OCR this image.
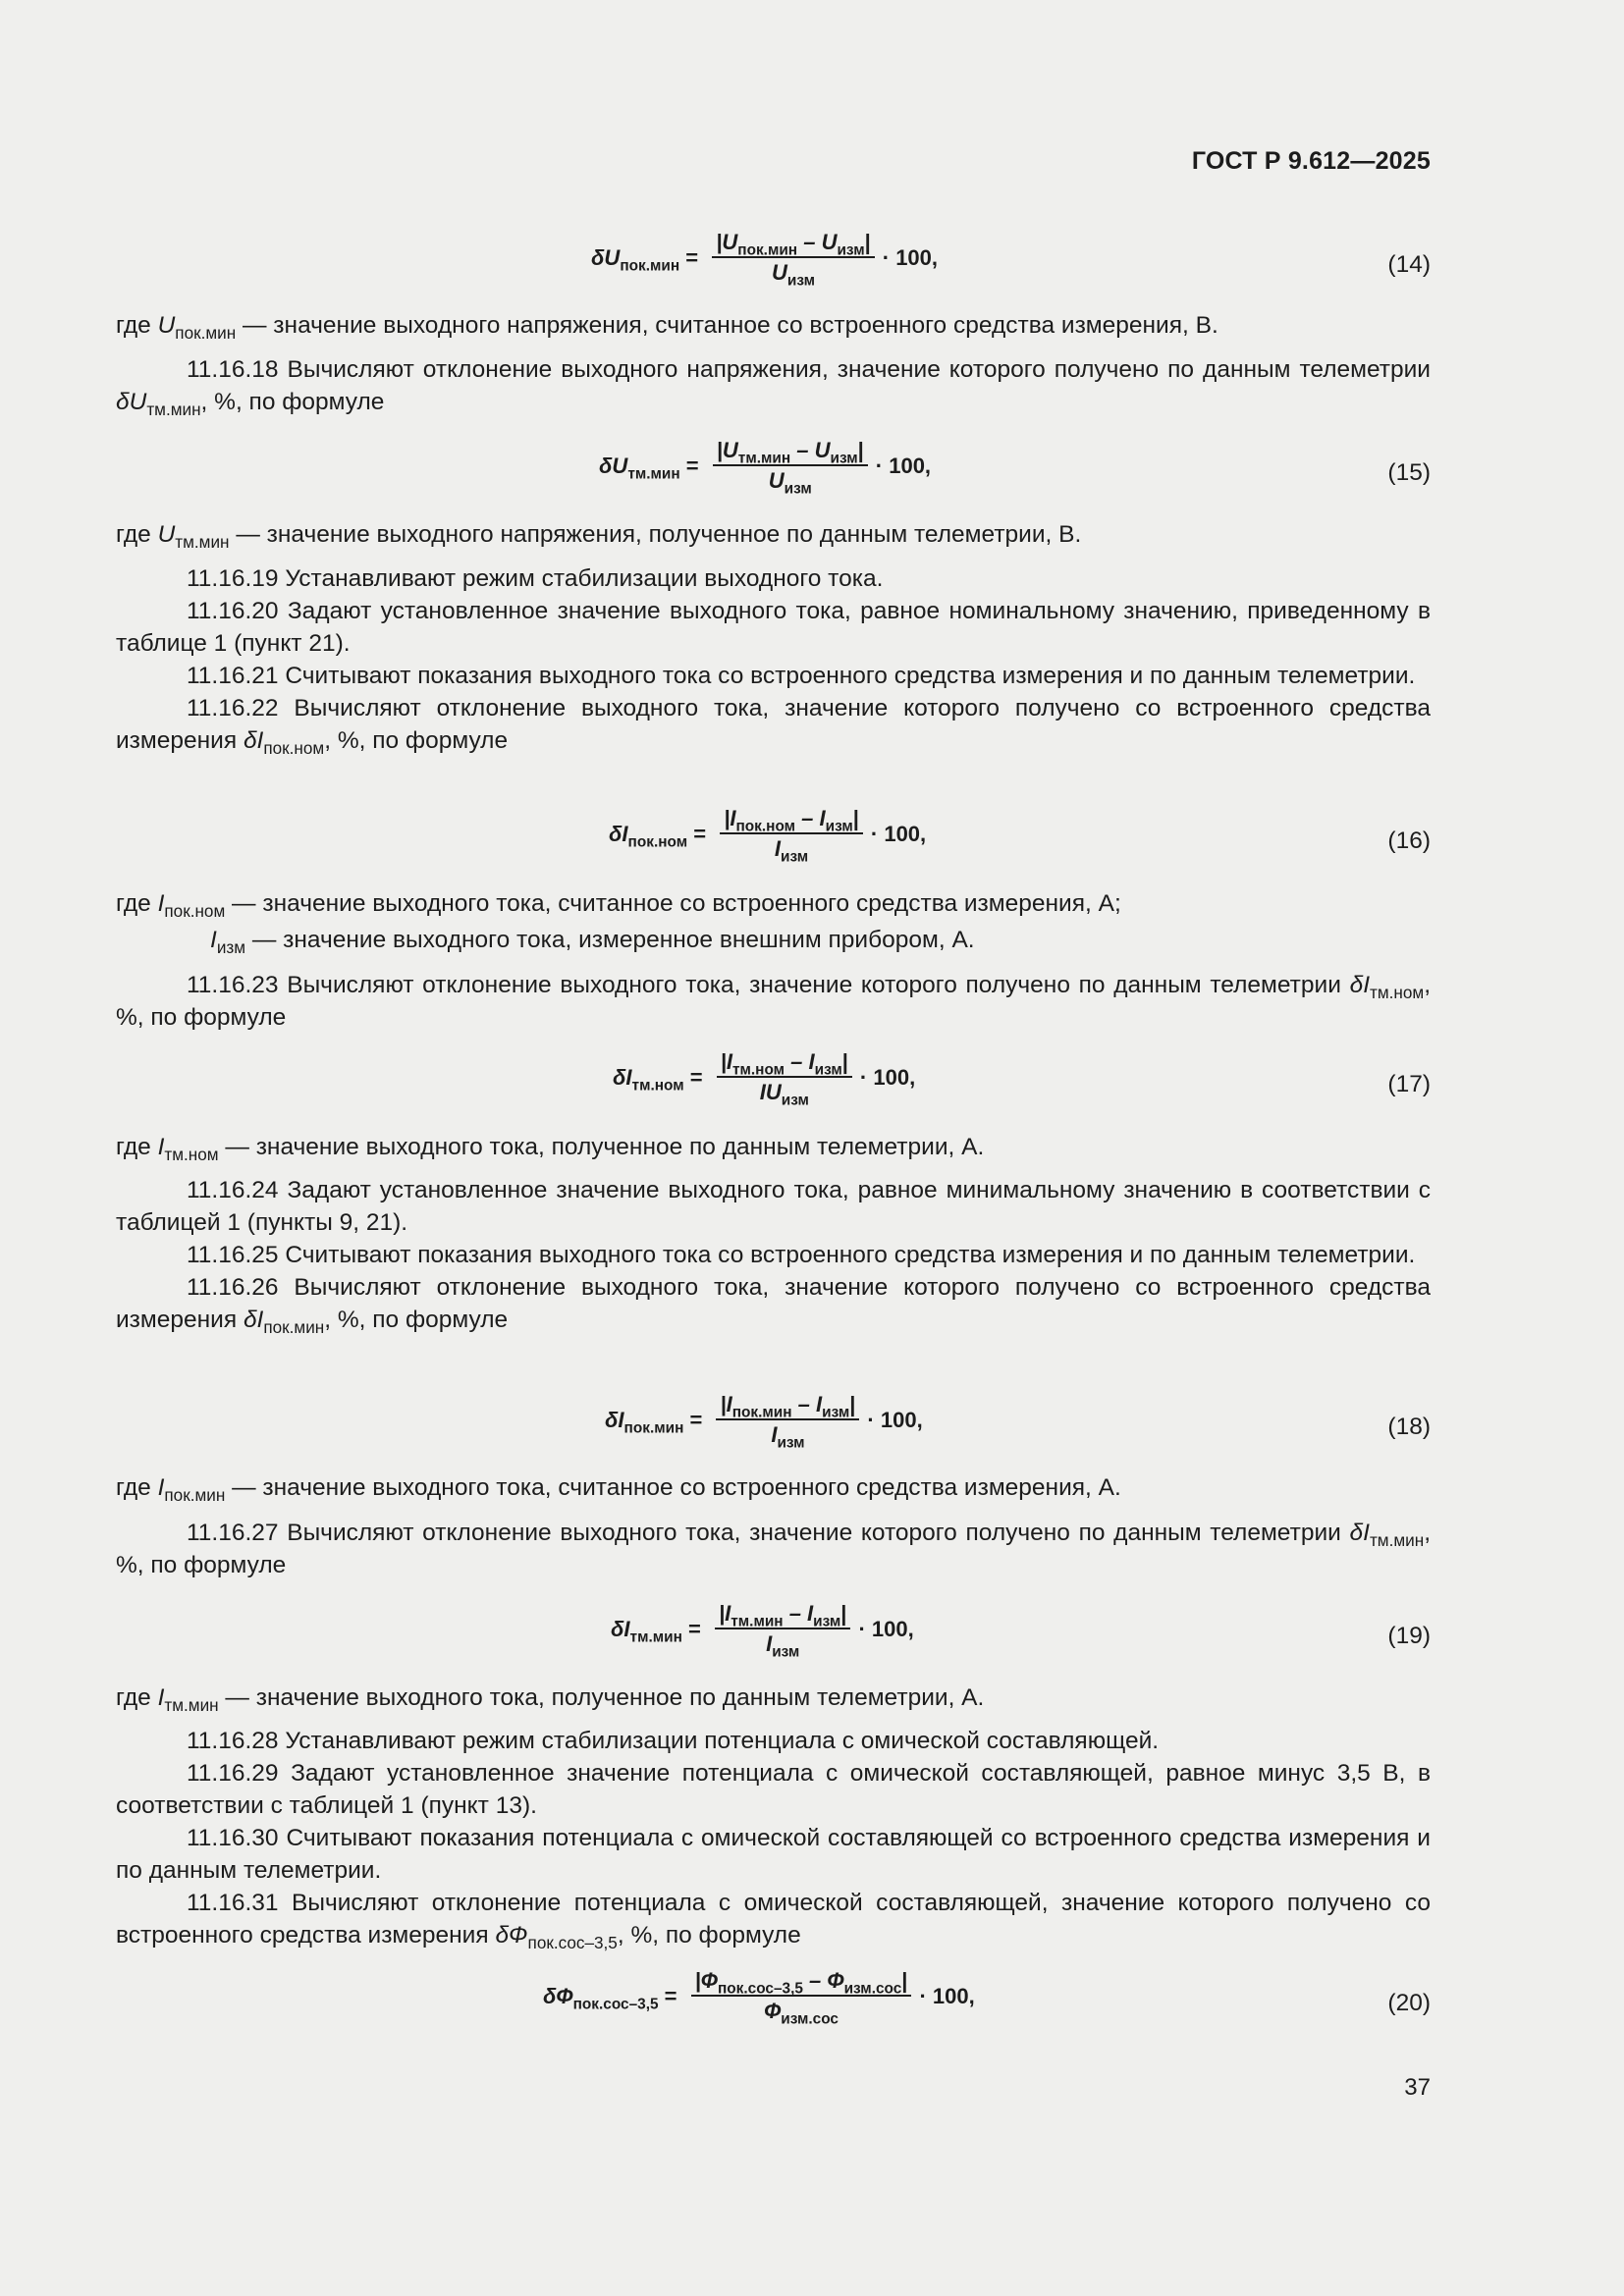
ГОСТ Р 9.612—2025
$\delta U_{пок.мин} = \frac{|U_{пок.мин} - U_{изм}|}{U_{изм}} \cdot 100$,	(14)
где $U_{пок.мин}$ — значение выходного напряжения, считанное со встроенного средства измерения, В.

11.16.18 Вычисляют отклонение выходного напряжения, значение которого получено по данным телеметрии $\delta U_{тм.мин}$, %, по формуле

$\delta U_{тм.мин} = \frac{|U_{тм.мин} - U_{изм}|}{U_{изм}} \cdot 100$,	(15)
где $U_{тм.мин}$ — значение выходного напряжения, полученное по данным телеметрии, В.

11.16.19 Устанавливают режим стабилизации выходного тока.

11.16.20 Задают установленное значение выходного тока, равное номинальному значению, приведенному в таблице 1 (пункт 21).

11.16.21 Считывают показания выходного тока со встроенного средства измерения и по данным телеметрии.

11.16.22 Вычисляют отклонение выходного тока, значение которого получено со встроенного средства измерения $\delta I_{пок.ном}$, %, по формуле

$\delta I_{пок.ном} = \frac{|I_{пок.ном} - I_{изм}|}{I_{изм}} \cdot 100$,	(16)
где $I_{пок.ном}$ — значение выходного тока, считанное со встроенного средства измерения, А;
$I_{изм}$ — значение выходного тока, измеренное внешним прибором, А.

11.16.23 Вычисляют отклонение выходного тока, значение которого получено по данным телеметрии $\delta I_{тм.ном}$, %, по формуле

$\delta I_{тм.ном} = \frac{|I_{тм.ном} - I_{изм}|}{IU_{изм}} \cdot 100$,	(17)
где $I_{тм.ном}$ — значение выходного тока, полученное по данным телеметрии, А.

11.16.24 Задают установленное значение выходного тока, равное минимальному значению в соответствии с таблицей 1 (пункты 9, 21).

11.16.25 Считывают показания выходного тока со встроенного средства измерения и по данным телеметрии.

11.16.26 Вычисляют отклонение выходного тока, значение которого получено со встроенного средства измерения $\delta I_{пок.мин}$, %, по формуле

$\delta I_{пок.мин} = \frac{|I_{пок.мин} - I_{изм}|}{I_{изм}} \cdot 100$,	(18)
где $I_{пок.мин}$ — значение выходного тока, считанное со встроенного средства измерения, А.

11.16.27 Вычисляют отклонение выходного тока, значение которого получено по данным телеметрии $\delta I_{тм.мин}$, %, по формуле

$\delta I_{тм.мин} = \frac{|I_{тм.мин} - I_{изм}|}{I_{изм}} \cdot 100$,	(19)
где $I_{тм.мин}$ — значение выходного тока, полученное по данным телеметрии, А.

11.16.28 Устанавливают режим стабилизации потенциала с омической составляющей.

11.16.29 Задают установленное значение потенциала с омической составляющей, равное минус 3,5 В, в соответствии с таблицей 1 (пункт 13).

11.16.30 Считывают показания потенциала с омической составляющей со встроенного средства измерения и по данным телеметрии.

11.16.31 Вычисляют отклонение потенциала с омической составляющей, значение которого получено со встроенного средства измерения $\delta Ф_{пок.сос-3,5}$, %, по формуле

$\delta Ф_{пок.сос-3,5} = \frac{|Ф_{пок.сос-3,5} - Ф_{изм.сос}|}{Ф_{изм.сос}} \cdot 100$,	(20)
37
